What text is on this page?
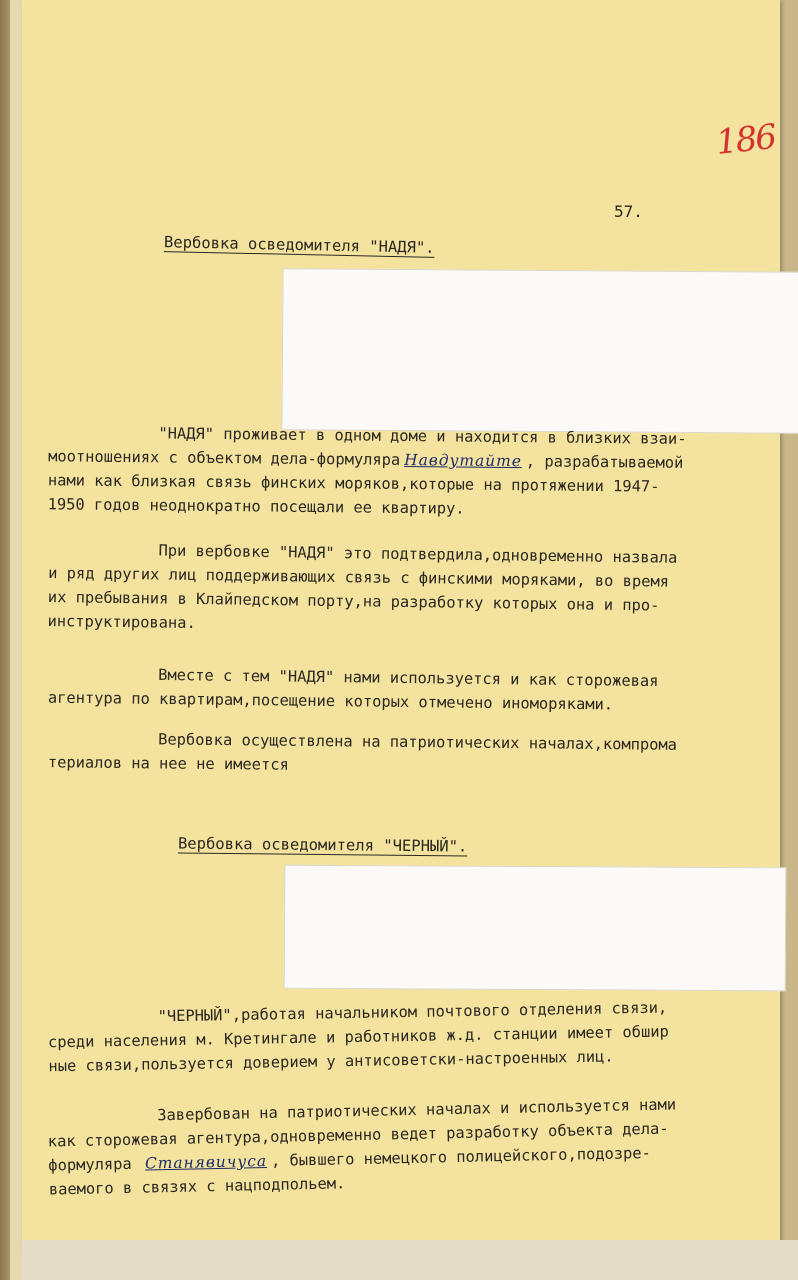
186
57.
Вербовка осведомителя "НАДЯ".
"НАДЯ" проживает в одном доме и находится в близких взаи-
моотношениях с объектом дела-формуляра Навдутайте , разрабатываемой
нами как близкая связь финских моряков,которые на протяжении 1947-
1950 годов неоднократно посещали ее квартиру.
При вербовке "НАДЯ" это подтвердила,одновременно назвала
и ряд других лиц поддерживающих связь с финскими моряками, во время
их пребывания в Клайпедском порту,на разработку которых она и про-
инструктирована.
Вместе с тем "НАДЯ" нами используется и как сторожевая
агентура по квартирам,посещение которых отмечено иноморяками.
Вербовка осуществлена на патриотических началах,компрома
териалов на нее не имеется
Вербовка осведомителя "ЧЕРНЫЙ".
"ЧЕРНЫЙ",работая начальником почтового отделения связи,
среди населения м. Кретингале и работников ж.д. станции имеет обшир
ные связи,пользуется доверием у антисоветски-настроенных лиц.
Завербован на патриотических началах и используется нами
как сторожевая агентура,одновременно ведет разработку объекта дела-
формуляра Станявичуса , бывшего немецкого полицейского,подозре-
ваемого в связях с нацподпольем.
